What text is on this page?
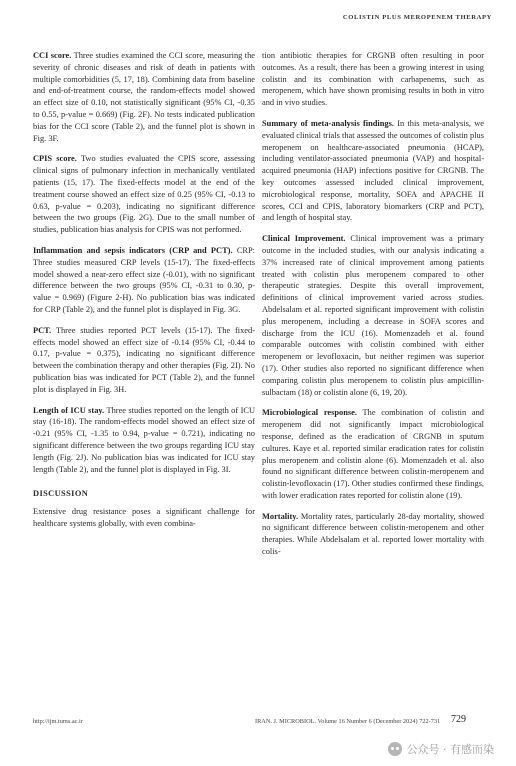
COLISTIN PLUS MEROPENEM THERAPY

CCI score. Three studies examined the CCI score, measuring the severity of chronic diseases and risk of death in patients with multiple comorbidities (5, 17, 18). Combining data from baseline and end-of-treatment course, the random-effects model showed an effect size of 0.10, not statistically significant (95% CI, -0.35 to 0.55, p-value = 0.669) (Fig. 2F). No tests indicated publication bias for the CCI score (Table 2), and the funnel plot is shown in Fig. 3F.

CPIS score. Two studies evaluated the CPIS score, assessing clinical signs of pulmonary infection in mechanically ventilated patients (15, 17). The fixed-effects model at the end of the treatment course showed an effect size of 0.25 (95% CI, -0.13 to 0.63, p-value = 0.203), indicating no significant difference between the two groups (Fig. 2G). Due to the small number of studies, publication bias analysis for CPIS was not performed.

Inflammation and sepsis indicators (CRP and PCT). CRP: Three studies measured CRP levels (15-17). The fixed-effects model showed a near-zero effect size (-0.01), with no significant difference between the two groups (95% CI, -0.31 to 0.30, p-value = 0.969) (Figure 2-H). No publication bias was indicated for CRP (Table 2), and the funnel plot is displayed in Fig. 3G.

PCT. Three studies reported PCT levels (15-17). The fixed-effects model showed an effect size of -0.14 (95% CI, -0.44 to 0.17, p-value = 0.375), indicating no significant difference between the combination therapy and other therapies (Fig. 2I). No publication bias was indicated for PCT (Table 2), and the funnel plot is displayed in Fig. 3H.

Length of ICU stay. Three studies reported on the length of ICU stay (16-18). The random-effects model showed an effect size of -0.21 (95% CI, -1.35 to 0.94, p-value = 0.721), indicating no significant difference between the two groups regarding ICU stay length (Fig. 2J). No publication bias was indicated for ICU stay length (Table 2), and the funnel plot is displayed in Fig. 3I.

DISCUSSION

Extensive drug resistance poses a significant challenge for healthcare systems globally, with even combina-

tion antibiotic therapies for CRGNB often resulting in poor outcomes. As a result, there has been a growing interest in using colistin and its combination with carbapenems, such as meropenem, which have shown promising results in both in vitro and in vivo studies.

Summary of meta-analysis findings. In this meta-analysis, we evaluated clinical trials that assessed the outcomes of colistin plus meropenem on healthcare-associated pneumonia (HCAP), including ventilator-associated pneumonia (VAP) and hospital-acquired pneumonia (HAP) infections positive for CRGNB. The key outcomes assessed included clinical improvement, microbiological response, mortality, SOFA and APACHE II scores, CCI and CPIS, laboratory biomarkers (CRP and PCT), and length of hospital stay.

Clinical Improvement. Clinical improvement was a primary outcome in the included studies, with our analysis indicating a 37% increased rate of clinical improvement among patients treated with colistin plus meropenem compared to other therapeutic strategies. Despite this overall improvement, definitions of clinical improvement varied across studies. Abdelsalam et al. reported significant improvement with colistin plus meropenem, including a decrease in SOFA scores and discharge from the ICU (16). Momenzadeh et al. found comparable outcomes with colistin combined with either meropenem or levofloxacin, but neither regimen was superior (17). Other studies also reported no significant difference when comparing colistin plus meropenem to colistin plus ampicillin-sulbactam (18) or colistin alone (6, 19, 20).

Microbiological response. The combination of colistin and meropenem did not significantly impact microbiological response, defined as the eradication of CRGNB in sputum cultures. Kaye et al. reported similar eradication rates for colistin plus meropenem and colistin alone (6). Momenzadeh et al. also found no significant difference between colistin-meropenem and colistin-levofloxacin (17). Other studies confirmed these findings, with lower eradication rates reported for colistin alone (19).

Mortality. Mortality rates, particularly 28-day mortality, showed no significant difference between colistin-meropenem and other therapies. While Abdelsalam et al. reported lower mortality with colis-

http://ijm.tums.ac.ir	IRAN. J. MICROBIOL. Volume 16 Number 6 (December 2024) 722-731 729
公众号 · 有感而染
